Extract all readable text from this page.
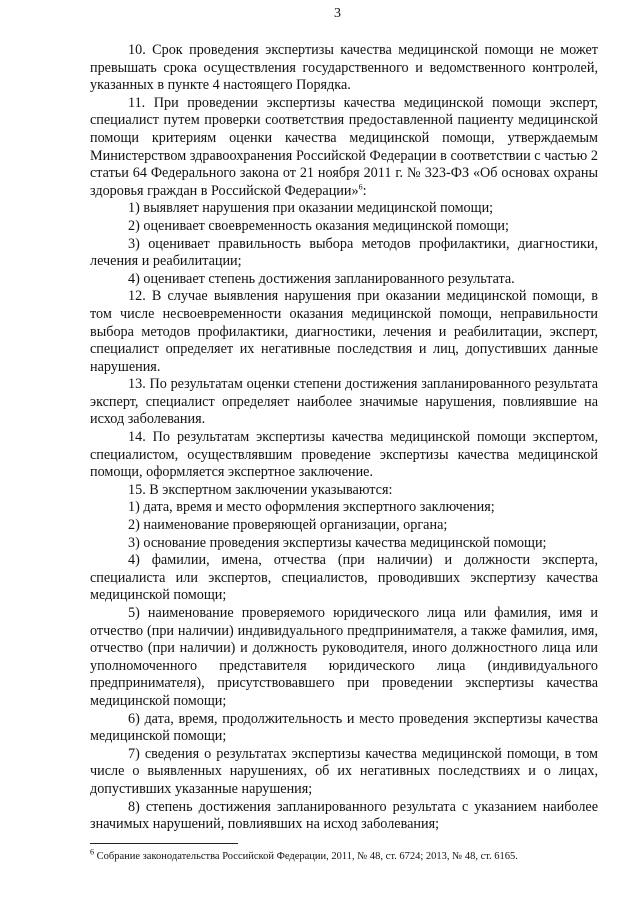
3

10. Срок проведения экспертизы качества медицинской помощи не может превышать срока осуществления государственного и ведомственного контролей, указанных в пункте 4 настоящего Порядка.

11. При проведении экспертизы качества медицинской помощи эксперт, специалист путем проверки соответствия предоставленной пациенту медицинской помощи критериям оценки качества медицинской помощи, утверждаемым Министерством здравоохранения Российской Федерации в соответствии с частью 2 статьи 64 Федерального закона от 21 ноября 2011 г. № 323-ФЗ «Об основах охраны здоровья граждан в Российской Федерации»$^6$:

1) выявляет нарушения при оказании медицинской помощи;

2) оценивает своевременность оказания медицинской помощи;

3) оценивает правильность выбора методов профилактики, диагностики, лечения и реабилитации;

4) оценивает степень достижения запланированного результата.

12. В случае выявления нарушения при оказании медицинской помощи, в том числе несвоевременности оказания медицинской помощи, неправильности выбора методов профилактики, диагностики, лечения и реабилитации, эксперт, специалист определяет их негативные последствия и лиц, допустивших данные нарушения.

13. По результатам оценки степени достижения запланированного результата эксперт, специалист определяет наиболее значимые нарушения, повлиявшие на исход заболевания.

14. По результатам экспертизы качества медицинской помощи экспертом, специалистом, осуществлявшим проведение экспертизы качества медицинской помощи, оформляется экспертное заключение.

15. В экспертном заключении указываются:

1) дата, время и место оформления экспертного заключения;

2) наименование проверяющей организации, органа;

3) основание проведения экспертизы качества медицинской помощи;

4) фамилии, имена, отчества (при наличии) и должности эксперта, специалиста или экспертов, специалистов, проводивших экспертизу качества медицинской помощи;

5) наименование проверяемого юридического лица или фамилия, имя и отчество (при наличии) индивидуального предпринимателя, а также фамилия, имя, отчество (при наличии) и должность руководителя, иного должностного лица или уполномоченного представителя юридического лица (индивидуального предпринимателя), присутствовавшего при проведении экспертизы качества медицинской помощи;

6) дата, время, продолжительность и место проведения экспертизы качества медицинской помощи;

7) сведения о результатах экспертизы качества медицинской помощи, в том числе о выявленных нарушениях, об их негативных последствиях и о лицах, допустивших указанные нарушения;

8) степень достижения запланированного результата с указанием наиболее значимых нарушений, повлиявших на исход заболевания;

$^6$ Собрание законодательства Российской Федерации, 2011, № 48, ст. 6724; 2013, № 48, ст. 6165.
